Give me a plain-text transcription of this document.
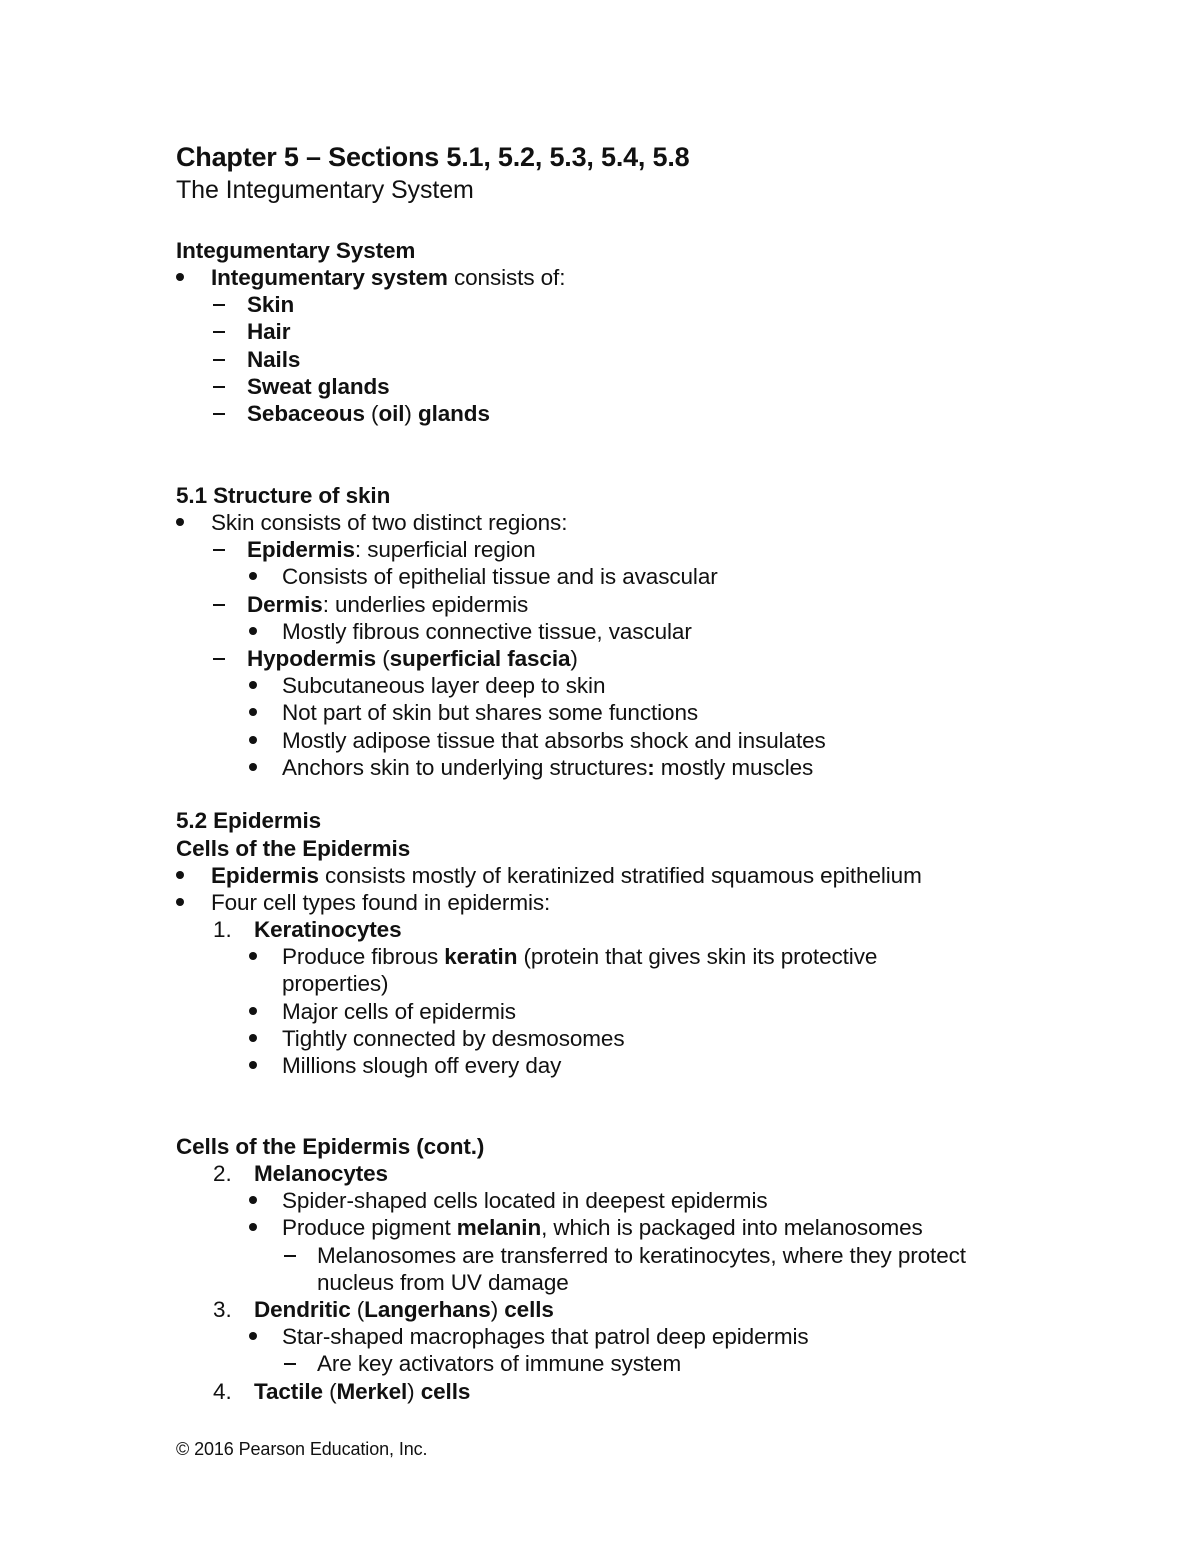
Chapter 5 – Sections 5.1, 5.2, 5.3, 5.4, 5.8
The Integumentary System
Integumentary System
Integumentary system consists of:
Skin
Hair
Nails
Sweat glands
Sebaceous (oil) glands
5.1 Structure of skin
Skin consists of two distinct regions:
Epidermis: superficial region
Consists of epithelial tissue and is avascular
Dermis: underlies epidermis
Mostly fibrous connective tissue, vascular
Hypodermis (superficial fascia)
Subcutaneous layer deep to skin
Not part of skin but shares some functions
Mostly adipose tissue that absorbs shock and insulates
Anchors skin to underlying structures: mostly muscles
5.2 Epidermis
Cells of the Epidermis
Epidermis consists mostly of keratinized stratified squamous epithelium
Four cell types found in epidermis:
1. Keratinocytes
Produce fibrous keratin (protein that gives skin its protective
properties)
Major cells of epidermis
Tightly connected by desmosomes
Millions slough off every day
Cells of the Epidermis (cont.)
2. Melanocytes
Spider-shaped cells located in deepest epidermis
Produce pigment melanin, which is packaged into melanosomes
Melanosomes are transferred to keratinocytes, where they protect
nucleus from UV damage
3. Dendritic (Langerhans) cells
Star-shaped macrophages that patrol deep epidermis
Are key activators of immune system
4. Tactile (Merkel) cells
© 2016 Pearson Education, Inc.
